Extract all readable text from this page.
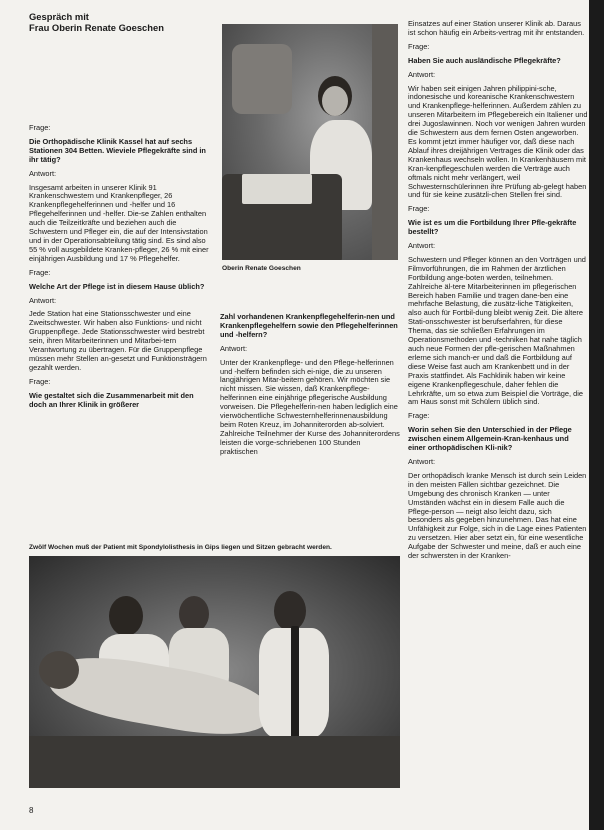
Gespräch mit
Frau Oberin Renate Goeschen
Oberin Renate Goeschen

Frage:

Die Orthopädische Klinik Kassel hat auf sechs Stationen 304 Betten. Wieviele Pflegekräfte sind in ihr tätig?

Antwort:

Insgesamt arbeiten in unserer Klinik 91 Krankenschwestern und Krankenpfleger, 26 Krankenpflegehelferinnen und -helfer und 16 Pflegehelferinnen und -helfer. Die-se Zahlen enthalten auch die Teilzeitkräfte und beziehen auch die Schwestern und Pfleger ein, die auf der Intensivstation und in der Operationsabteilung tätig sind. Es sind also 55 % voll ausgebildete Kranken-pfleger, 26 % mit einer einjährigen Ausbildung und 17 % Pflegehelfer.

Frage:

Welche Art der Pflege ist in diesem Hause üblich?

Antwort:

Jede Station hat eine Stationsschwester und eine Zweitschwester. Wir haben also Funktions- und nicht Gruppenpflege. Jede Stationsschwester wird bestrebt sein, ihren Mitarbeiterinnen und Mitarbei-tern Verantwortung zu übertragen. Für die Gruppenpflege müssen mehr Stellen an-gesetzt und Funktionsträgern gezahlt werden.

Frage:

Wie gestaltet sich die Zusammenarbeit mit den doch an Ihrer Klinik in größerer

Zahl vorhandenen Krankenpflegehelferin-nen und Krankenpflegehelfern sowie den Pflegehelferinnen und -helfern?

Antwort:

Unter der Krankenpflege- und den Pflege-helferinnen und -helfern befinden sich ei-nige, die zu unseren langjährigen Mitar-beitern gehören. Wir möchten sie nicht missen. Sie wissen, daß Krankenpflege-helferinnen eine einjährige pflegerische Ausbildung vorweisen. Die Pflegehelferin-nen haben lediglich eine vierwöchentliche Schwesternhelferinnenausbildung beim Roten Kreuz, im Johanniterorden ab-solviert. Zahlreiche Teilnehmer der Kurse des Johanniterordens leisten die vorge-schriebenen 100 Stunden praktischen

Einsatzes auf einer Station unserer Klinik ab. Daraus ist schon häufig ein Arbeits-vertrag mit ihr entstanden.

Frage:

Haben Sie auch ausländische Pflegekräfte?

Antwort:

Wir haben seit einigen Jahren philippini-sche, indonesische und koreanische Krankenschwestern und Krankenpflege-helferinnen. Außerdem zählen zu unseren Mitarbeitern im Pflegebereich ein Italiener und drei Jugoslawinnen. Noch vor wenigen Jahren wurden die Schwestern aus dem fernen Osten angeworben. Es kommt jetzt immer häufiger vor, daß diese nach Ablauf ihres dreijährigen Vertrages die Klinik oder das Krankenhaus wechseln wollen. In Krankenhäusern mit Kran-kenpflegeschulen werden die Verträge auch oftmals nicht mehr verlängert, weil Schwesternschülerinnen ihre Prüfung ab-gelegt haben und für sie keine zusätzli-chen Stellen frei sind.

Frage:

Wie ist es um die Fortbildung Ihrer Pfle-gekräfte bestellt?

Antwort:

Schwestern und Pfleger können an den Vorträgen und Filmvorführungen, die im Rahmen der ärztlichen Fortbildung ange-boten werden, teilnehmen. Zahlreiche äl-tere Mitarbeiterinnen im pflegerischen Bereich haben Familie und tragen dane-ben eine mehrfache Belastung, die zusätz-liche Tätigkeiten, also auch für Fortbil-dung bleibt wenig Zeit. Die ältere Stati-onsschwester ist berufserfahren, für diese Thema, das sie schließen Erfahrungen im Operationsmethoden und -techniken hat nahe täglich auch neue Formen der pfle-gerischen Maßnahmen erlerne sich manch-er und daß die Fortbildung auf diese Weise fast auch am Krankenbett und in der Praxis stattfindet. Als Fachklinik haben wir keine eigene Krankenpflegeschule, daher fehlen die Lehrkräfte, um so etwa zum Beispiel die Vorträge, die am Haus sonst mit Schülern üblich sind.

Frage:

Worin sehen Sie den Unterschied in der Pflege zwischen einem Allgemein-Kran-kenhaus und einer orthopädischen Kli-nik?

Antwort:

Der orthopädisch kranke Mensch ist durch sein Leiden in den meisten Fällen sichtbar gezeichnet. Die Umgebung des chronisch Kranken — unter Umständen wächst ein in diesem Falle auch die Pflege-person — neigt also leicht dazu, sich besonders als gegeben hinzunehmen. Das hat eine Unfähigkeit zur Folge, sich in die Lage eines Patienten zu versetzen. Hier aber setzt ein, für eine wesentliche Aufgabe der Schwester und meine, daß er auch eine der schwersten in der Kranken-

Zwölf Wochen muß der Patient mit Spondylolisthesis in Gips liegen und Sitzen gebracht werden.
8
